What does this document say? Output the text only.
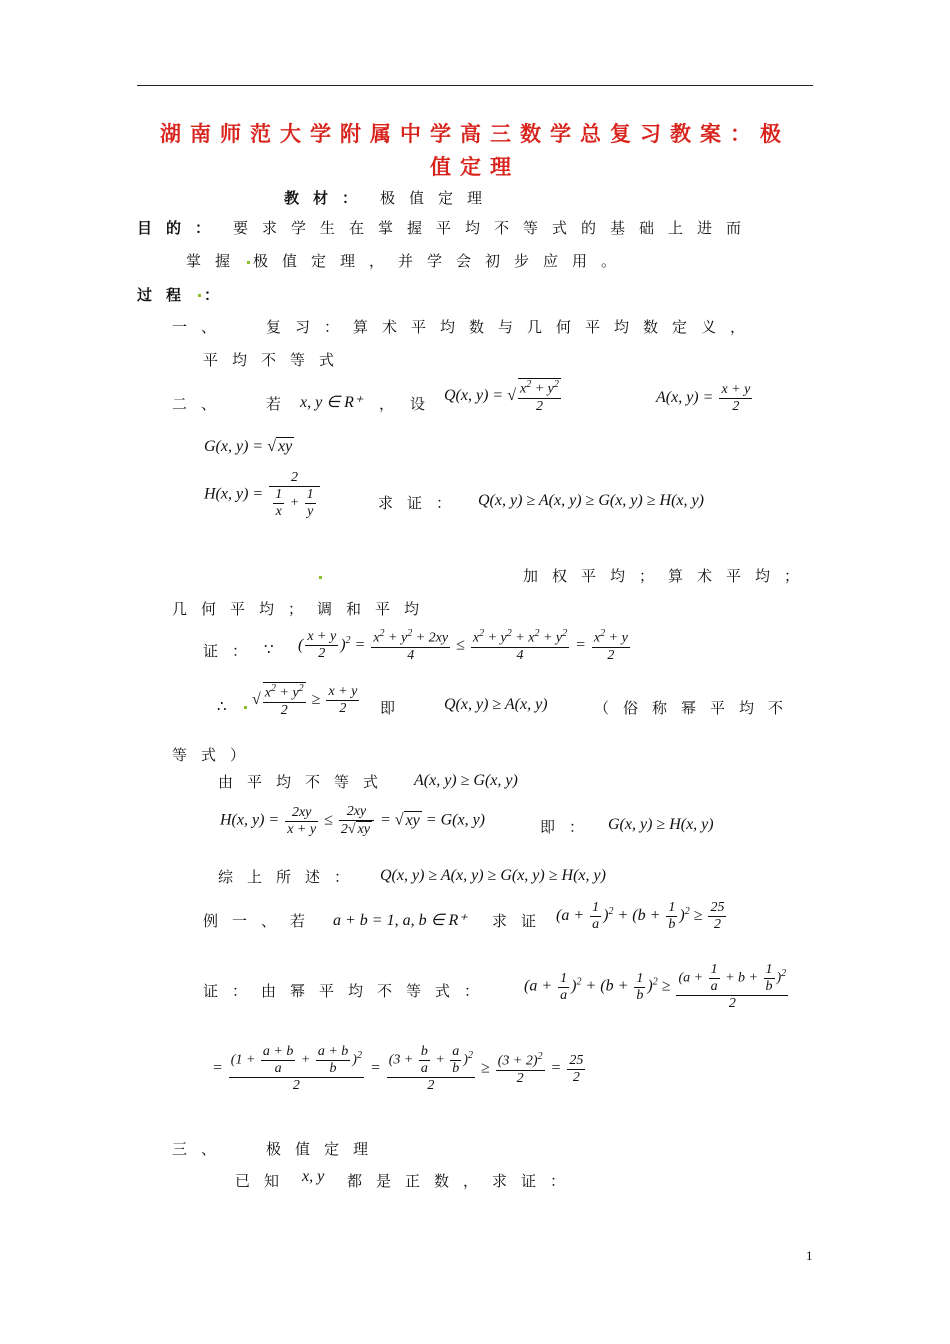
湖南师范大学附属中学高三数学总复习教案：极
值定理
教材： 极值定理
目的： 要求学生在掌握平均不等式的基础上进而
掌握 极值定理，并学会初步应用。
过程 ：
一、 复习：算术平均数与几何平均数定义，
平均不等式
二、 若 x, y ∈ R⁺ ， 设 Q(x, y) = √ $\frac{x^2 + y^2}{2}$	A(x, $y) = \frac{x + y}{2}$
G(x, y) = √ xy
H(x, $y) = \frac{2}{\frac{1}{x} + \frac{1}{y}}$	求证： Q(x, y) ≥ A(x, y) ≥ G(x, y) ≥ H(x, y)
加权平均；算术平均；
几何平均；调和平均
证： ∵ ( $\frac{x + y}{2} )^2 = \frac{x^2 + y^2 + 2xy}{4} \le \frac{x^2 + y^2 + x^2 + y^2}{4} = \frac{x^2 + y}{2}$
∴ √ $\frac{x^2 + y^2}{2} \ge \frac{x + y}{2}$ 即 Q(x, y) ≥ A(x, y)	（俗称幂平均不
等式）
由平均不等式 A(x, y) ≥ G(x, y)
H(x, $y) = \frac{2xy}{x + y} \le \frac{2xy}{2√ xy}$ = √ xy = G(x, y)	即： G(x, y) ≥ H(x, y)
综上所述： Q(x, y) ≥ A(x, y) ≥ G(x, y) ≥ H(x, y)
例一、若 a + b = 1, a, b ∈ R⁺ 求证 $(a + \frac{1}{a} )^2 + (b + \frac{1}{b} )^2 \ge \frac{25}{2}$
证：由幂平均不等式： $(a + \frac{1}{a} )^2 + (b + \frac{1}{b} )^2 \ge \frac{(a + \frac{1}{a} + b + \frac{1}{b} )^2}{2}$
= $\frac{(1 + \frac{a + b}{a} + \frac{a + b}{b} )^2}{2} = \frac{(3 + \frac{b}{a} + \frac{a}{b} )^2}{2} \ge \frac{(3 + 2)^2}{2} = \frac{25}{2}$
三、 极值定理
已知 x, y 都是正数，求证：
1
